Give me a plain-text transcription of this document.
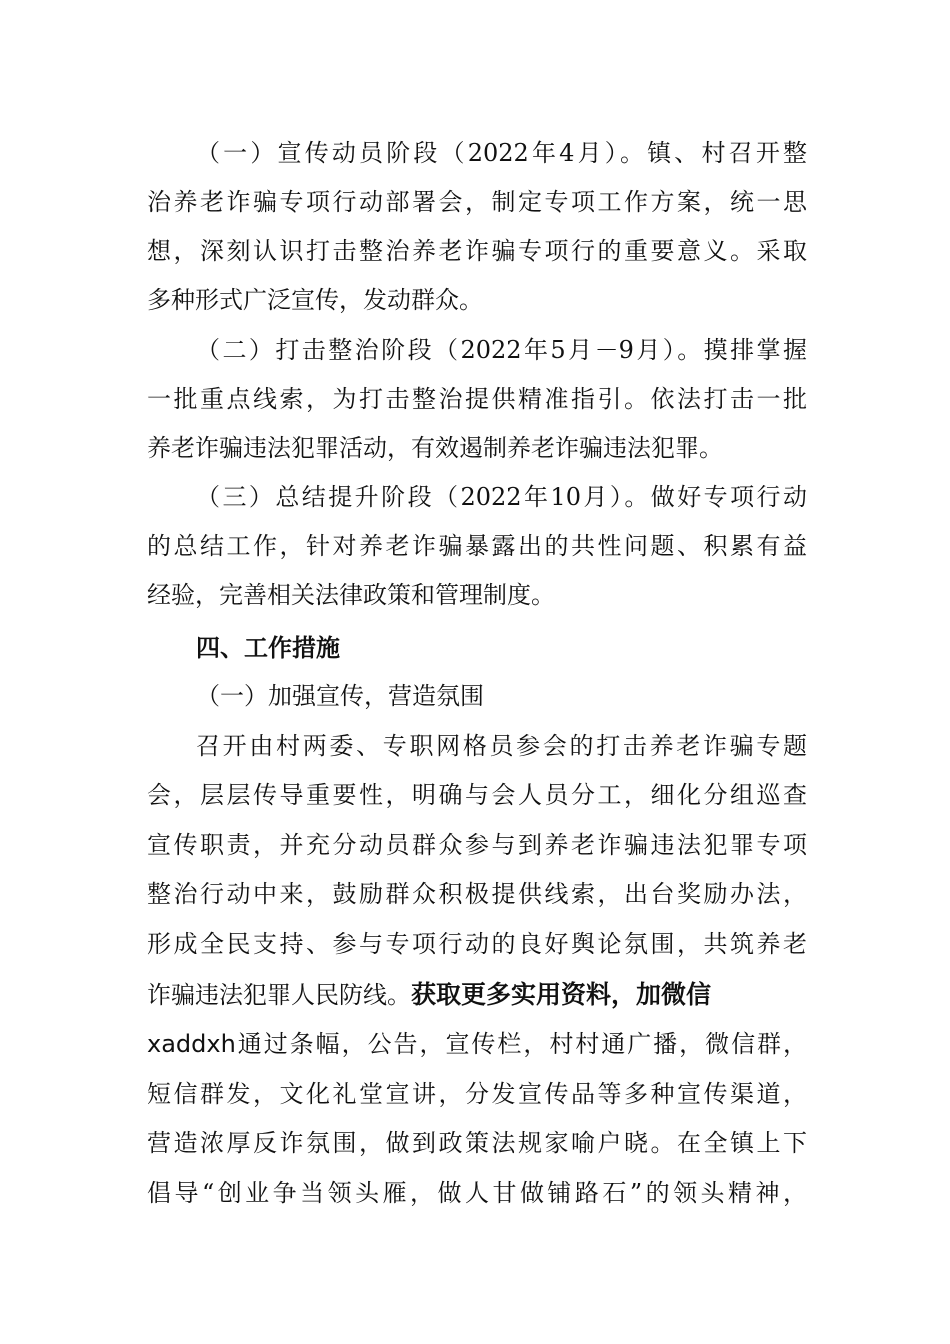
（一）宣传动员阶段（2022年4月）。镇、村召开整
治养老诈骗专项行动部署会，制定专项工作方案，统一思
想，深刻认识打击整治养老诈骗专项行的重要意义。采取
多种形式广泛宣传，发动群众。
（二）打击整治阶段（2022年5月－9月）。摸排掌握
一批重点线索，为打击整治提供精准指引。依法打击一批
养老诈骗违法犯罪活动，有效遏制养老诈骗违法犯罪。
（三）总结提升阶段（2022年10月）。做好专项行动
的总结工作，针对养老诈骗暴露出的共性问题、积累有益
经验，完善相关法律政策和管理制度。
四、工作措施
（一）加强宣传，营造氛围
召开由村两委、专职网格员参会的打击养老诈骗专题
会，层层传导重要性，明确与会人员分工，细化分组巡查
宣传职责，并充分动员群众参与到养老诈骗违法犯罪专项
整治行动中来，鼓励群众积极提供线索，出台奖励办法，
形成全民支持、参与专项行动的良好舆论氛围，共筑养老
诈骗违法犯罪人民防线。获取更多实用资料，加微信
xaddxh通过条幅，公告，宣传栏，村村通广播，微信群，
短信群发，文化礼堂宣讲，分发宣传品等多种宣传渠道，
营造浓厚反诈氛围，做到政策法规家喻户晓。在全镇上下
倡导“创业争当领头雁，做人甘做铺路石”的领头精神，
